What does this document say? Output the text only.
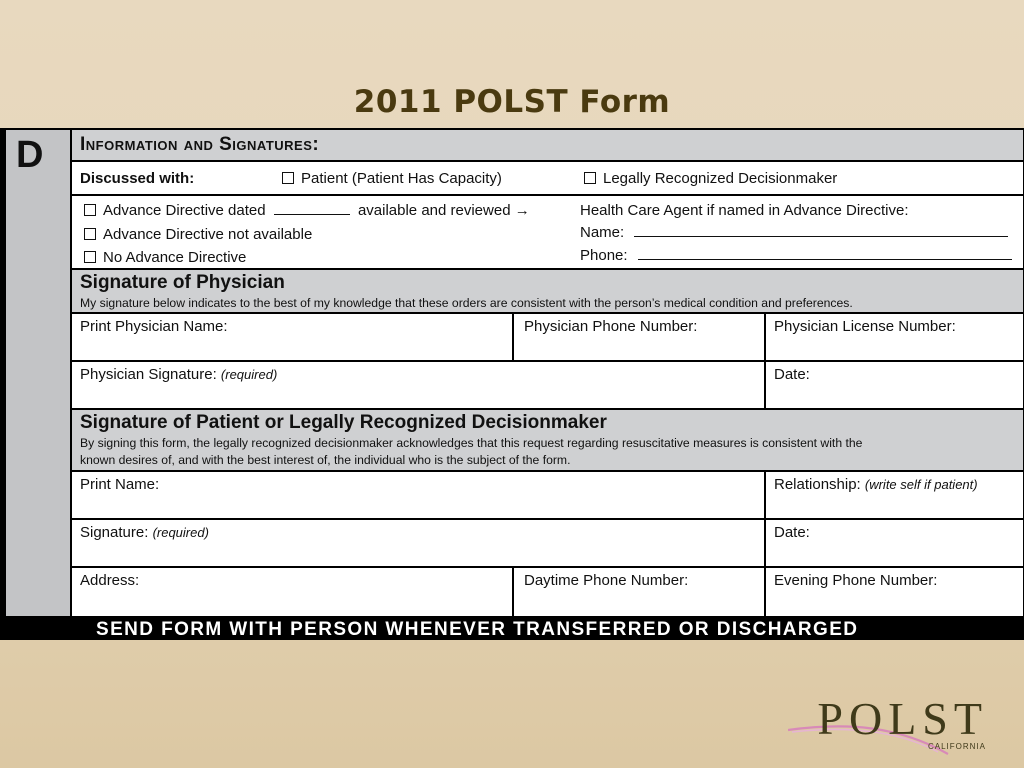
2011 POLST Form
D Information and Signatures:
Discussed with:	Patient (Patient Has Capacity)	Legally Recognized Decisionmaker
Advance Directive dated	available and reviewed →
Advance Directive not available
No Advance Directive
Health Care Agent if named in Advance Directive:
Name:
Phone:
Signature of Physician
My signature below indicates to the best of my knowledge that these orders are consistent with the person’s medical condition and preferences.
Print Physician Name:	Physician Phone Number:	Physician License Number:
Physician Signature: (required)	Date:
Signature of Patient or Legally Recognized Decisionmaker
By signing this form, the legally recognized decisionmaker acknowledges that this request regarding resuscitative measures is consistent with the
known desires of, and with the best interest of, the individual who is the subject of the form.
Print Name:	Relationship: (write self if patient)
Signature: (required)	Date:
Address:	Daytime Phone Number:	Evening Phone Number:
SEND FORM WITH PERSON WHENEVER TRANSFERRED OR DISCHARGED
POLST
CALIFORNIA
